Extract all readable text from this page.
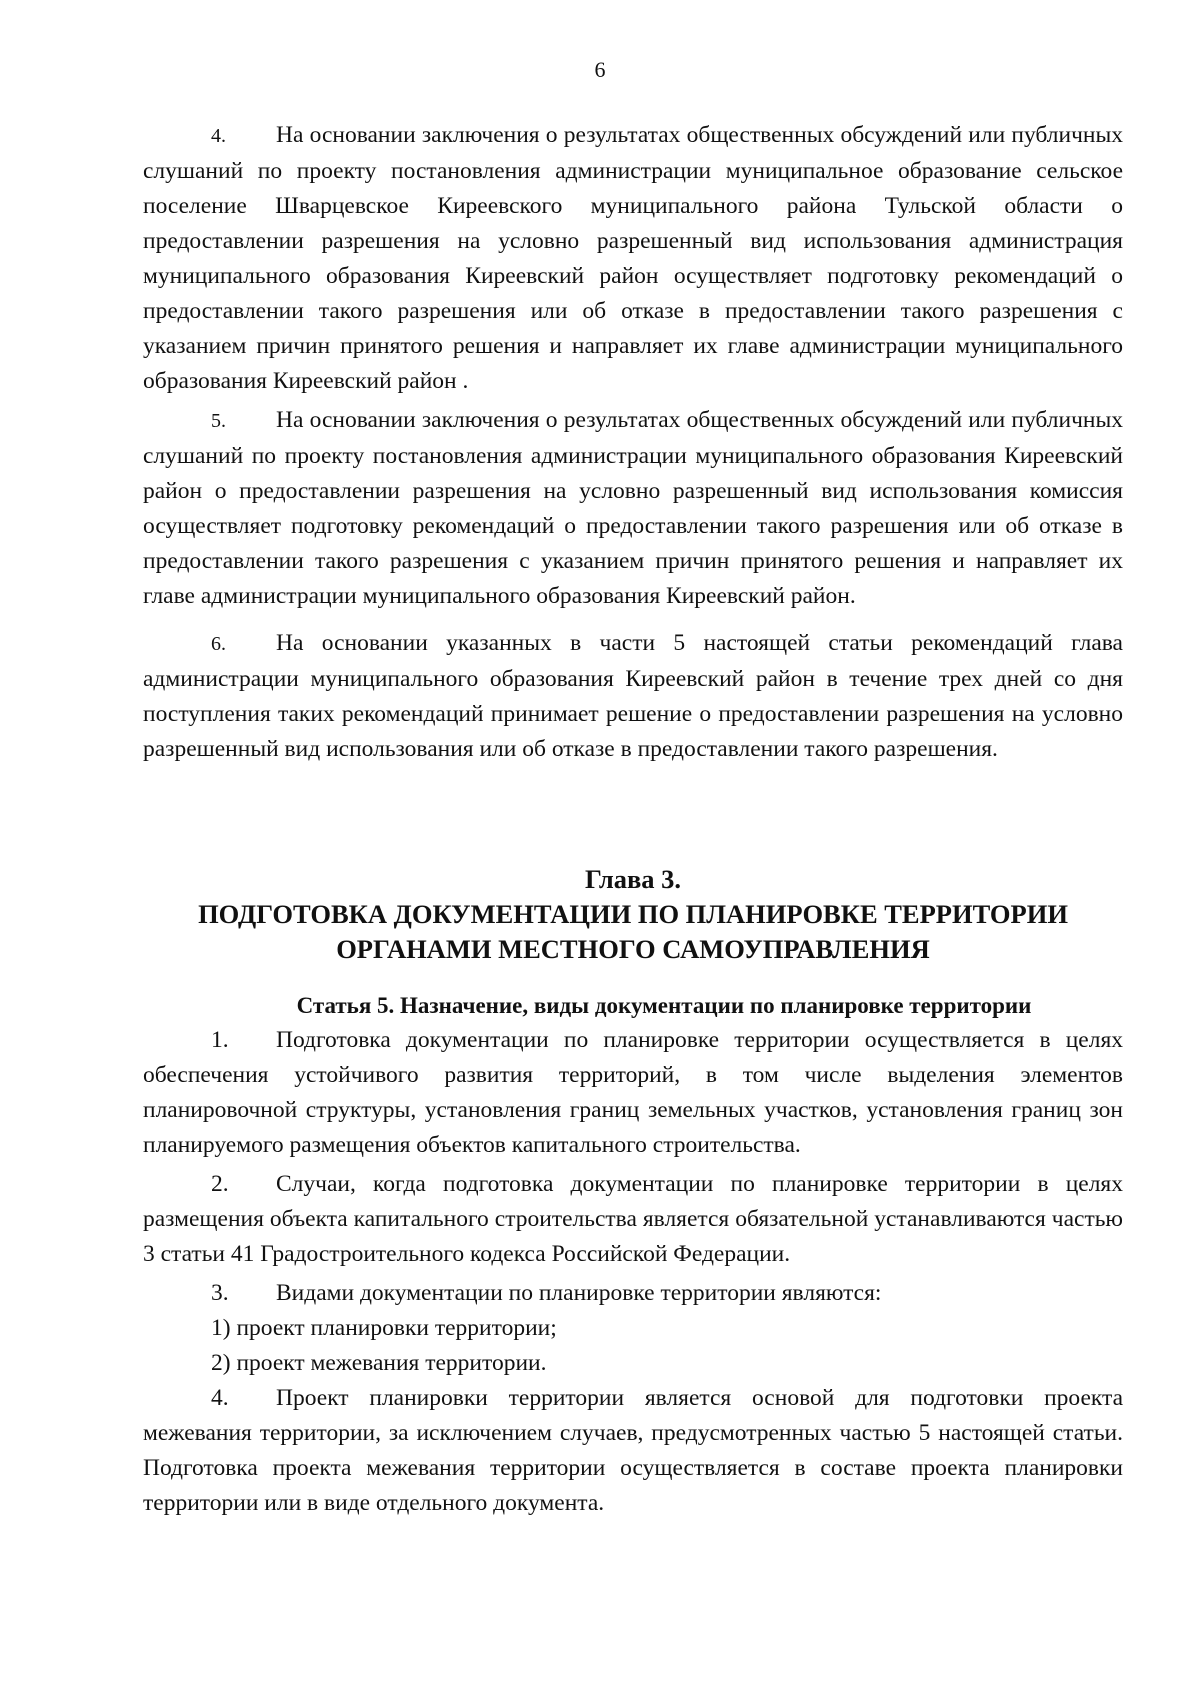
6

4. На основании заключения о результатах общественных обсуждений или публичных слушаний по проекту постановления администрации муниципальное образование сельское поселение Шварцевское Киреевского муниципального района Тульской области о предоставлении разрешения на условно разрешенный вид использования администрация муниципального образования Киреевский район осуществляет подготовку рекомендаций о предоставлении такого разрешения или об отказе в предоставлении такого разрешения с указанием причин принятого решения и направляет их главе администрации муниципального образования Киреевский район .

5. На основании заключения о результатах общественных обсуждений или публичных слушаний по проекту постановления администрации муниципального образования Киреевский район о предоставлении разрешения на условно разрешенный вид использования комиссия осуществляет подготовку рекомендаций о предоставлении такого разрешения или об отказе в предоставлении такого разрешения с указанием причин принятого решения и направляет их главе администрации муниципального образования Киреевский район.

6. На основании указанных в части 5 настоящей статьи рекомендаций глава администрации муниципального образования Киреевский район в течение трех дней со дня поступления таких рекомендаций принимает решение о предоставлении разрешения на условно разрешенный вид использования или об отказе в предоставлении такого разрешения.

Глава 3.

ПОДГОТОВКА ДОКУМЕНТАЦИИ ПО ПЛАНИРОВКЕ ТЕРРИТОРИИ

ОРГАНАМИ МЕСТНОГО САМОУПРАВЛЕНИЯ

Статья 5. Назначение, виды документации по планировке территории

1. Подготовка документации по планировке территории осуществляется в целях обеспечения устойчивого развития территорий, в том числе выделения элементов планировочной структуры, установления границ земельных участков, установления границ зон планируемого размещения объектов капитального строительства.

2. Случаи, когда подготовка документации по планировке территории в целях размещения объекта капитального строительства является обязательной устанавливаются частью 3 статьи 41 Градостроительного кодекса Российской Федерации.

3. Видами документации по планировке территории являются:

1) проект планировки территории;

2) проект межевания территории.

4. Проект планировки территории является основой для подготовки проекта межевания территории, за исключением случаев, предусмотренных частью 5 настоящей статьи. Подготовка проекта межевания территории осуществляется в составе проекта планировки территории или в виде отдельного документа.
